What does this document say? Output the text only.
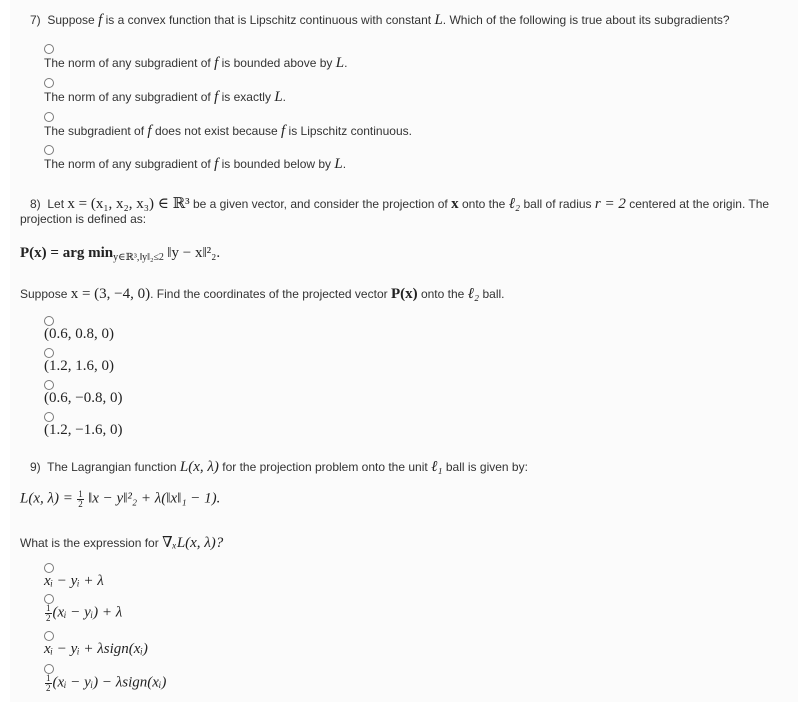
7) Suppose f is a convex function that is Lipschitz continuous with constant L. Which of the following is true about its subgradients?
The norm of any subgradient of f is bounded above by L.
The norm of any subgradient of f is exactly L.
The subgradient of f does not exist because f is Lipschitz continuous.
The norm of any subgradient of f is bounded below by L.
8) Let x = (x₁, x₂, x₃) ∈ ℝ³ be a given vector, and consider the projection of x onto the ℓ₂ ball of radius r = 2 centered at the origin. The
projection is defined as:
P(x) = arg $\min_{y\in ℝ^3,‖y‖_2\le 2}$ ‖y − x‖²₂.
Suppose x = (3, −4, 0). Find the coordinates of the projected vector P(x) onto the ℓ₂ ball.
(0.6, 0.8, 0)
(1.2, 1.6, 0)
(0.6, −0.8, 0)
(1.2, −1.6, 0)
9) The Lagrangian function L(x, λ) for the projection problem onto the unit ℓ₁ ball is given by:
L(x, $\lambda) = \frac{1}{2}$ ‖x − y‖²₂ + λ(‖x‖₁ − 1).
What is the expression for ∇ₓL(x, λ)?
xᵢ − yᵢ + λ
$\frac{1}{2}$ (xᵢ − yᵢ) + λ
xᵢ − yᵢ + λsign(xᵢ)
$\frac{1}{2}$ (xᵢ − yᵢ) − λsign(xᵢ)
